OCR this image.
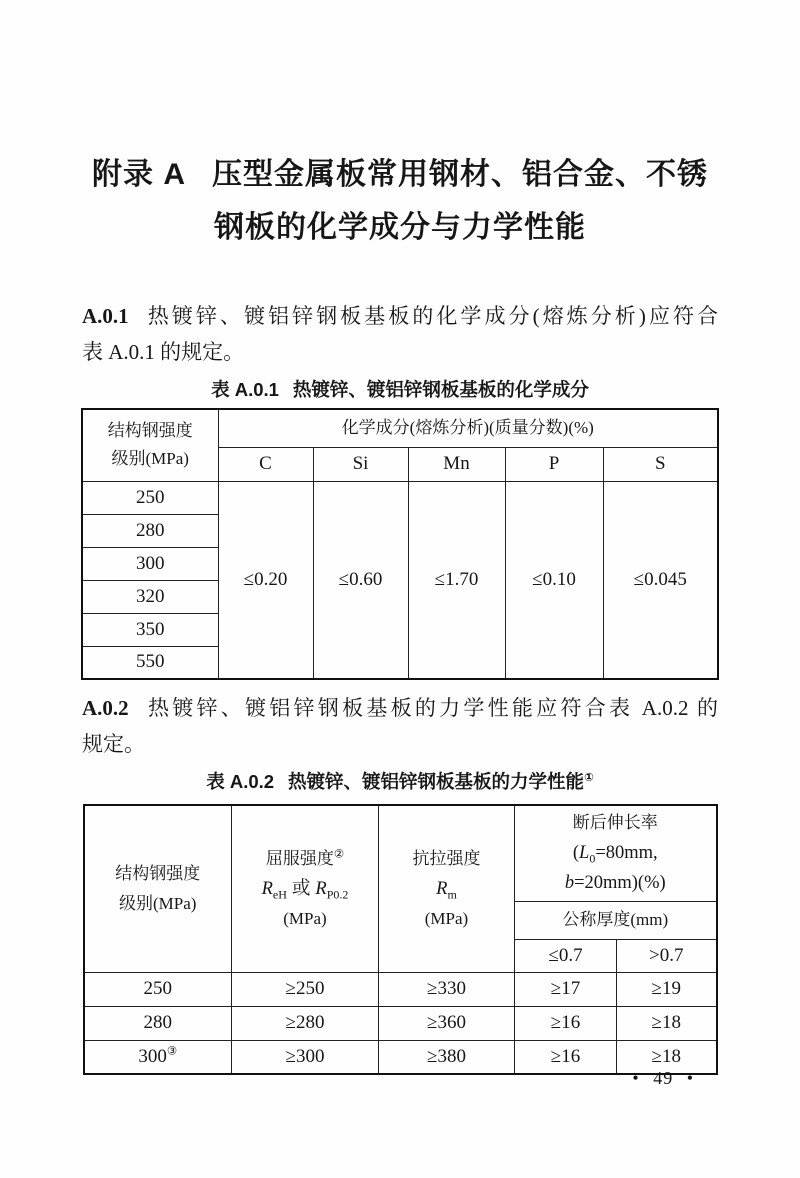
附录 A 压型金属板常用钢材、铝合金、不锈
钢板的化学成分与力学性能

A.0.1 热镀锌、镀铝锌钢板基板的化学成分(熔炼分析)应符合
表 A.0.1 的规定。

表 A.0.1 热镀锌、镀铝锌钢板基板的化学成分
结构钢强度
级别(MPa)	化学成分(熔炼分析)(质量分数)(%)				
	C	Si	Mn	P	S
250	≤0.20	≤0.60	≤1.70	≤0.10	≤0.045
280					
300					
320					
350					
550					

A.0.2 热镀锌、镀铝锌钢板基板的力学性能应符合表 A.0.2 的
规定。

表 A.0.2 热镀锌、镀铝锌钢板基板的力学性能①
结构钢强度
级别(MPa)

屈服强度②
$R_{eH}$ 或 $R_{P0.2}$
(MPa)

抗拉强度
$R_m$
(MPa)

断后伸长率
($L_0=80mm$,
b=20mm)(%)

			公称厚度(mm)	
			≤0.7	>0.7
250	≥250	≥330	≥17	≥19
280	≥280	≥360	≥16	≥18
300③	≥300	≥380	≥16	≥18
• 49 •
